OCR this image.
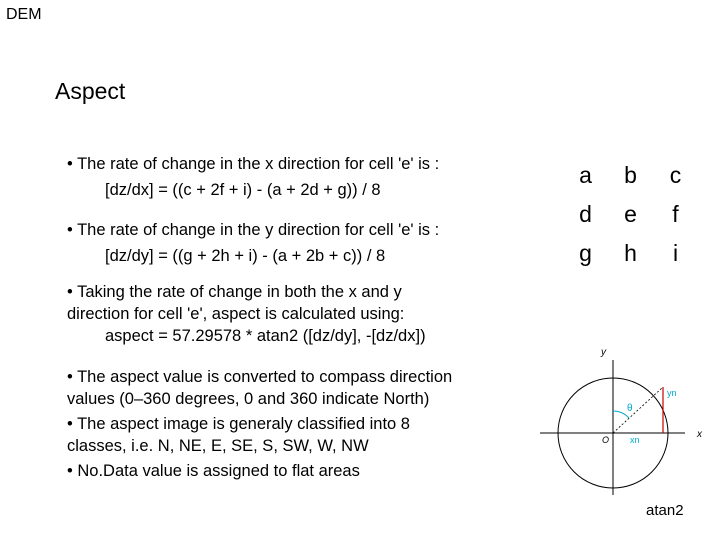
DEM
Aspect
• The rate of change in the x direction for cell 'e' is :
[dz/dx] = ((c + 2f + i) - (a + 2d + g)) / 8
• The rate of change in the y direction for cell 'e' is :
[dz/dy] = ((g + 2h + i) - (a + 2b + c)) / 8
• Taking the rate of change in both the x and y
direction for cell 'e', aspect is calculated using:
aspect = 57.29578 * atan2 ([dz/dy], -[dz/dx])
• The aspect value is converted to compass direction
values (0–360 degrees, 0 and 360 indicate North)
• The aspect image is generaly classified into 8
classes, i.e. N, NE, E, SE, S, SW, W, NW
• No.Data value is assigned to flat areas
a	b	c
d	e	f
g	h	i
y
x
O
θ
yn
xn
atan2
